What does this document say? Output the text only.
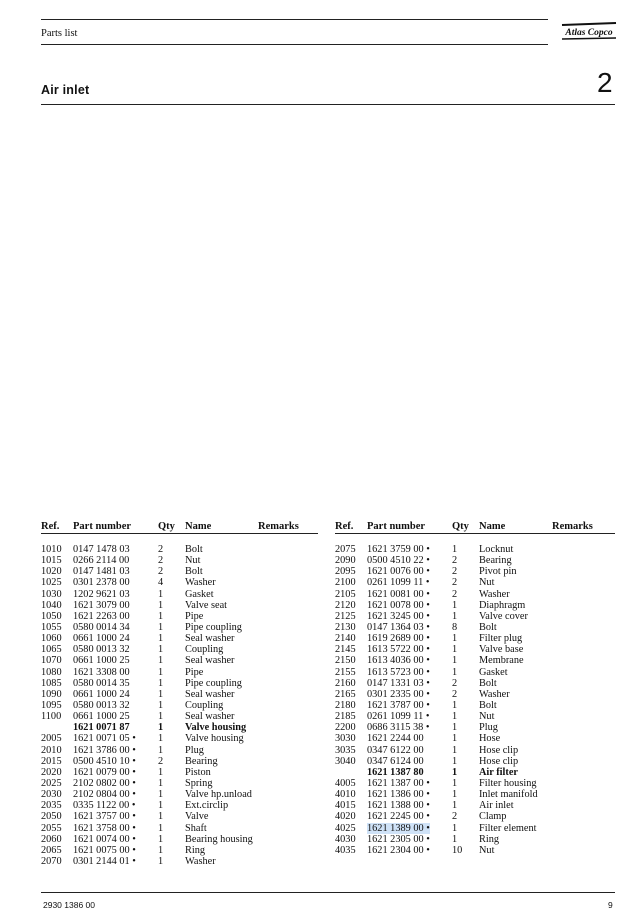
Parts list	Atlas Copco
Air inlet	2
Ref. Part number	Qty Name	Remarks
1010 0147 1478 03	2 Bolt
1015 0266 2114 00	2 Nut
1020 0147 1481 03	2 Bolt
1025 0301 2378 00	4 Washer
1030 1202 9621 03	1 Gasket
1040 1621 3079 00	1 Valve seat
1050 1621 2263 00	1 Pipe
1055 0580 0014 34	1 Pipe coupling
1060 0661 1000 24	1 Seal washer
1065 0580 0013 32	1 Coupling
1070 0661 1000 25	1 Seal washer
1080 1621 3308 00	1 Pipe
1085 0580 0014 35	1 Pipe coupling
1090 0661 1000 24	1 Seal washer
1095 0580 0013 32	1 Coupling
1100 0661 1000 25	1 Seal washer
1621 0071 87	1 Valve housing
2005 1621 0071 05 • 1 Valve housing
2010 1621 3786 00 • 1 Plug
2015 0500 4510 10 • 2 Bearing
2020 1621 0079 00 • 1 Piston
2025 2102 0802 00 • 1 Spring
2030 2102 0804 00 • 1 Valve hp.unload
2035 0335 1122 00 • 1 Ext.circlip
2050 1621 3757 00 • 1 Valve
2055 1621 3758 00 • 1 Shaft
2060 1621 0074 00 • 1 Bearing housing
2065 1621 0075 00 • 1 Ring
2070 0301 2144 01 • 1 Washer
Ref. Part number	Qty Name	Remarks
2075 1621 3759 00 • 1 Locknut
2090 0500 4510 22 • 2 Bearing
2095 1621 0076 00 • 2 Pivot pin
2100 0261 1099 11 • 2 Nut
2105 1621 0081 00 • 2 Washer
2120 1621 0078 00 • 1 Diaphragm
2125 1621 3245 00 • 1 Valve cover
2130 0147 1364 03 • 8 Bolt
2140 1619 2689 00 • 1 Filter plug
2145 1613 5722 00 • 1 Valve base
2150 1613 4036 00 • 1 Membrane
2155 1613 5723 00 • 1 Gasket
2160 0147 1331 03 • 2 Bolt
2165 0301 2335 00 • 2 Washer
2180 1621 3787 00 • 1 Bolt
2185 0261 1099 11 • 1 Nut
2200 0686 3115 38 • 1 Plug
3030 1621 2244 00	1 Hose
3035 0347 6122 00	1 Hose clip
3040 0347 6124 00	1 Hose clip
1621 1387 80	1 Air filter
4005 1621 1387 00 • 1 Filter housing
4010 1621 1386 00 • 1 Inlet manifold
4015 1621 1388 00 • 1 Air inlet
4020 1621 2245 00 • 2 Clamp
4025 1621 1389 00 • 1 Filter element
4030 1621 2305 00 • 1 Ring
4035 1621 2304 00 • 10 Nut
2930 1386 00	9
